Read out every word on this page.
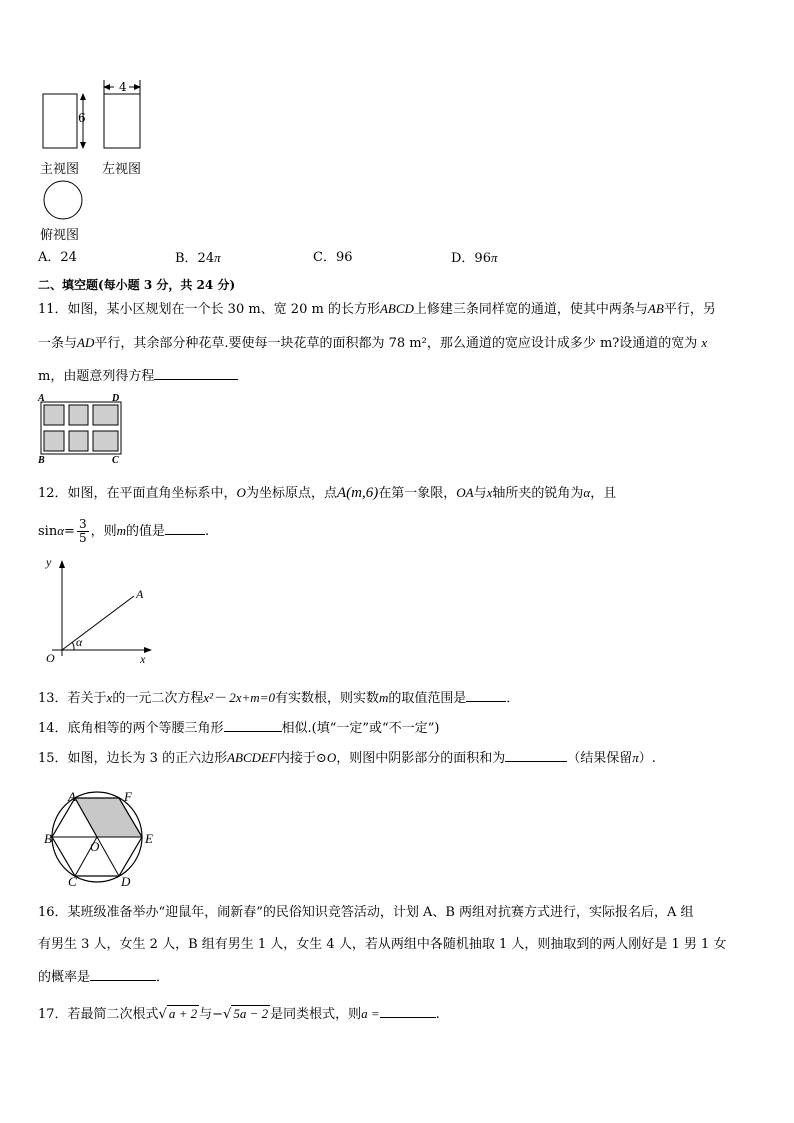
6
4
主视图 左视图
俯视图
A．24	B．24π	C．96	D．96π
二、填空题(每小题 3 分，共 24 分)
11．如图，某小区规划在一个长 30 m、宽 20 m 的长方形ABCD上修建三条同样宽的通道，使其中两条与AB平行，另
一条与AD平行，其余部分种花草.要使每一块花草的面积都为 78 m²，那么通道的宽应设计成多少 m?设通道的宽为 x
m，由题意列得方程
A	D
B	C
12．如图，在平面直角坐标系中，O为坐标原点，点A(m,6)在第一象限，OA与x轴所夹的锐角为α，且
$\sin\alpha= \frac{3}{5}$ ，则m的值是	.
y
x
O
A
α
13．若关于x的一元二次方程x²－ 2x+m=0有实数根，则实数m的取值范围是	．
14．底角相等的两个等腰三角形	相似.(填“一定”或“不一定”)
15．如图，边长为 3 的正六边形ABCDEF内接于⊙O，则图中阴影部分的面积和为	（结果保留π）.
A	F
B	E
O
C	D
16．某班级准备举办“迎鼠年，闹新春”的民俗知识竞答活动，计划 A、B 两组对抗赛方式进行，实际报名后，A 组
有男生 3 人，女生 2 人，B 组有男生 1 人，女生 4 人，若从两组中各随机抽取 1 人，则抽取到的两人刚好是 1 男 1 女
的概率是	．
17．若最简二次根式√ a + 2 与−√ 5a − 2 是同类根式，则a =	.
